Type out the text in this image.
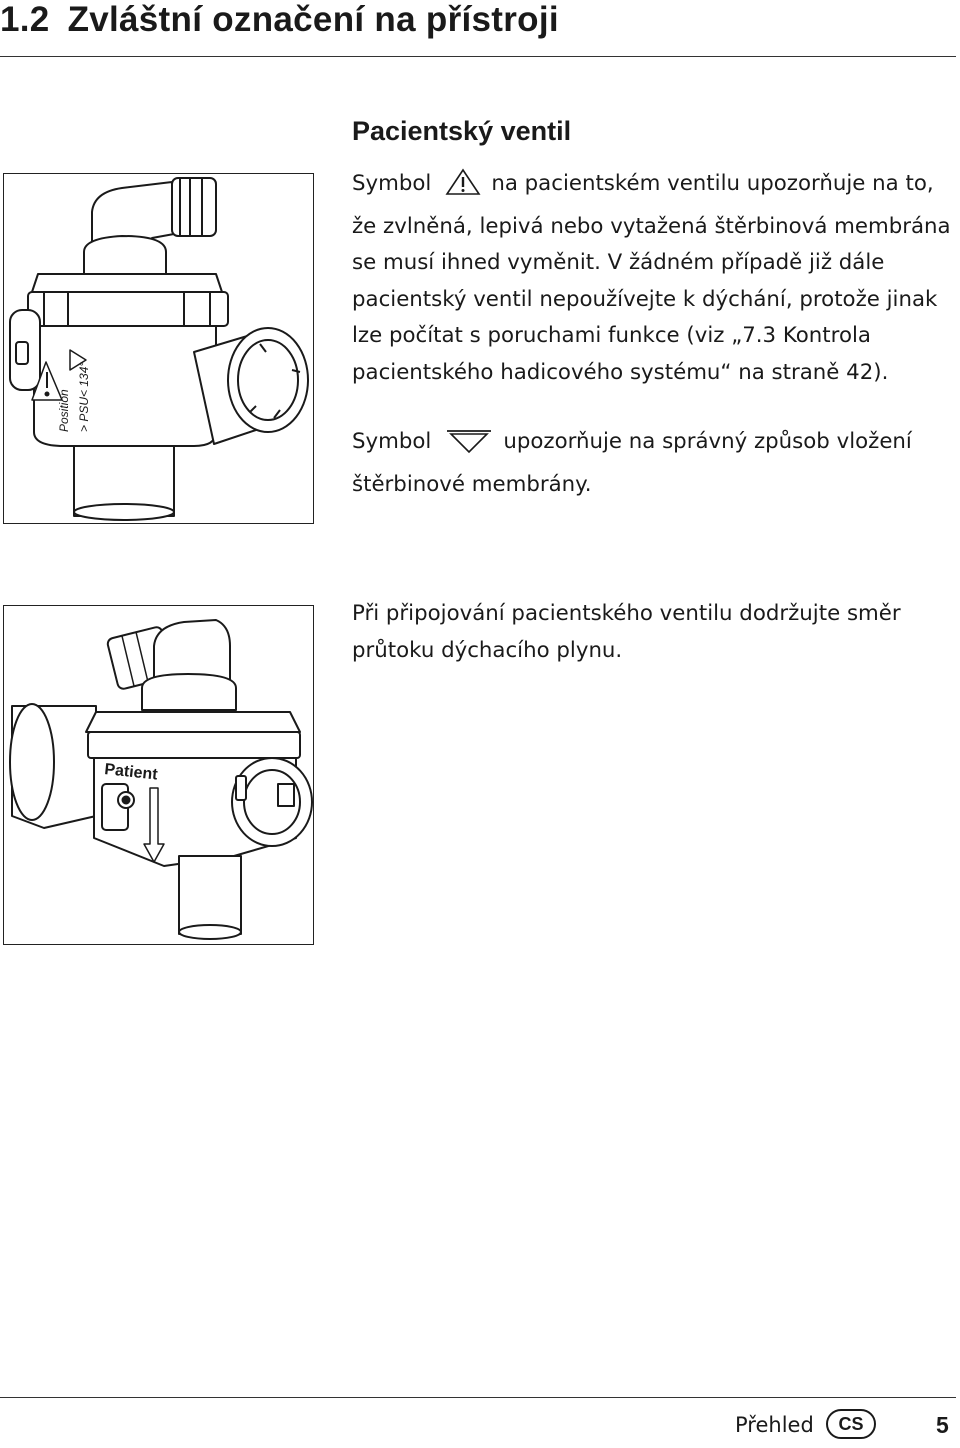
1.2 Zvláštní označení na přístroji
Position > PSU< 134°
Pacientský ventil

Symbol	na pacientském ventilu upozorňuje na to, že zvlněná, lepivá nebo vytažená štěrbinová membrána se musí ihned vyměnit. V žádném případě již dále pacientský ventil nepoužívejte k dýchání, protože jinak lze počítat s poruchami funkce (viz „7.3 Kontrola pacientského hadicového systému“ na straně 42).

Symbol	upozorňuje na správný způsob vložení štěrbinové membrány.

Patient

Při připojování pacientského ventilu dodržujte směr průtoku dýchacího plynu.

Přehled	CS	5
